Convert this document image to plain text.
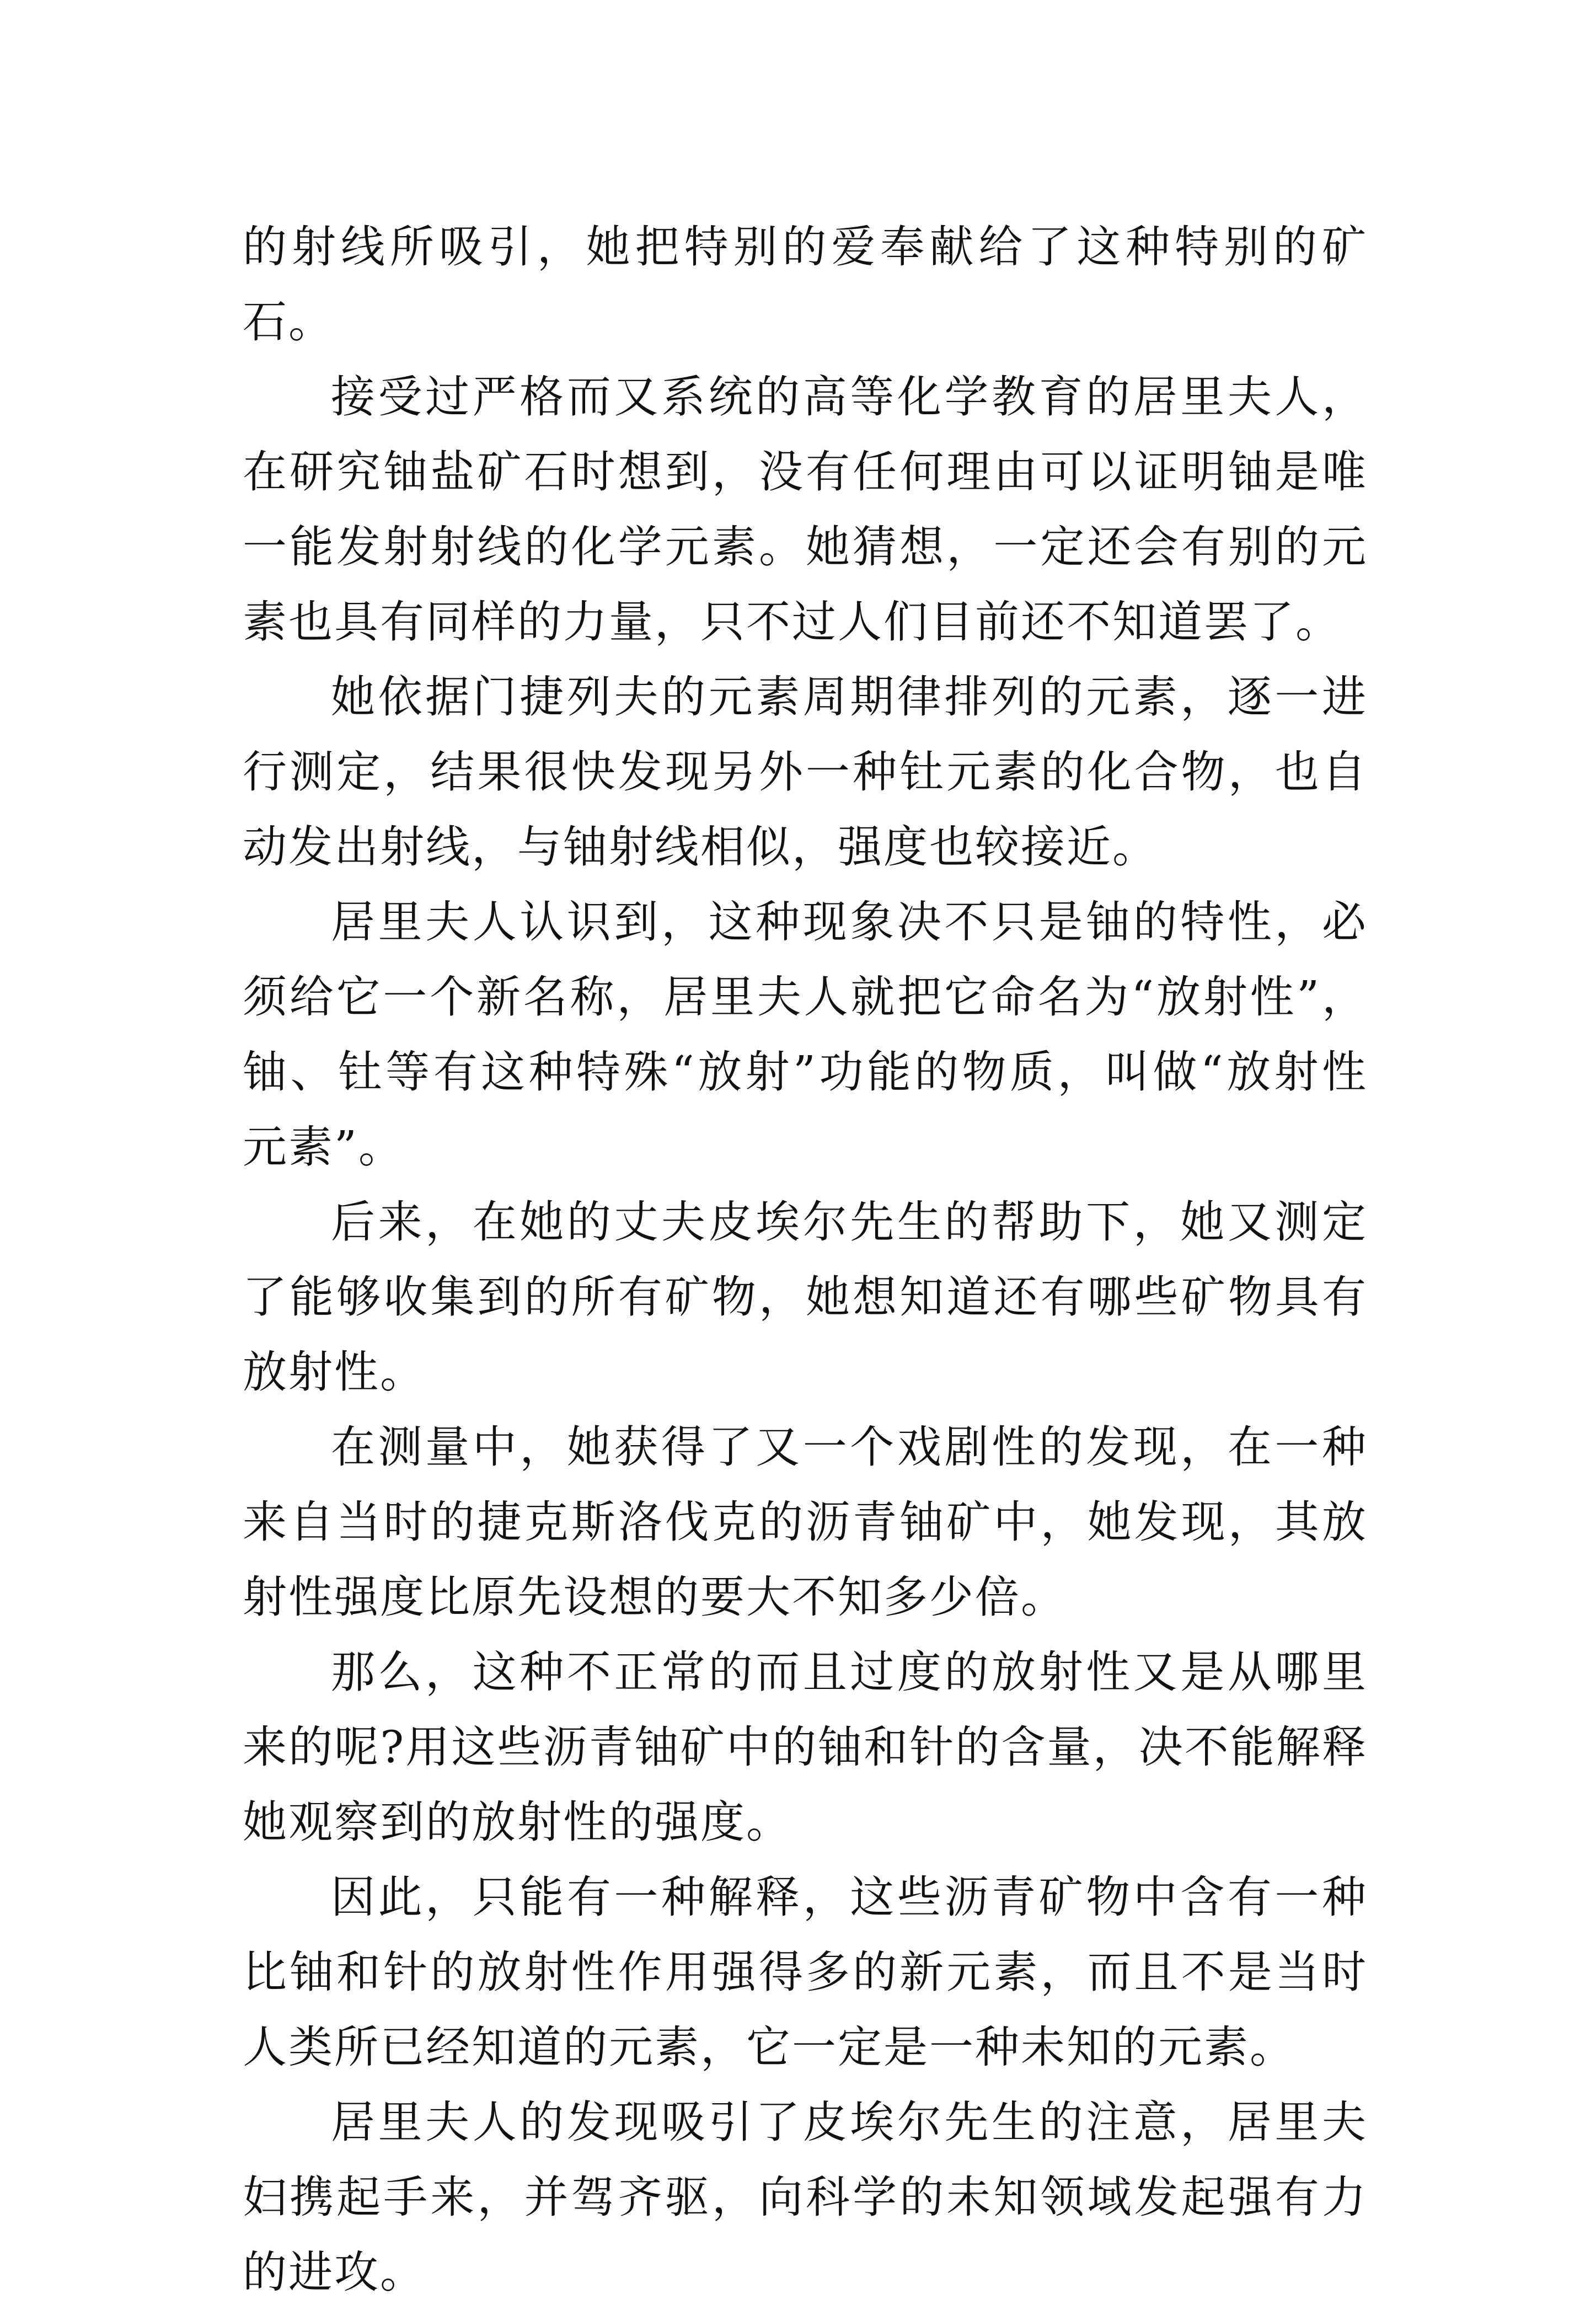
的射线所吸引，她把特别的爱奉献给了这种特别的矿石。

接受过严格而又系统的高等化学教育的居里夫人，在研究铀盐矿石时想到，没有任何理由可以证明铀是唯一能发射射线的化学元素。她猜想，一定还会有别的元素也具有同样的力量，只不过人们目前还不知道罢了。

她依据门捷列夫的元素周期律排列的元素，逐一进行测定，结果很快发现另外一种钍元素的化合物，也自动发出射线，与铀射线相似，强度也较接近。

居里夫人认识到，这种现象决不只是铀的特性，必须给它一个新名称，居里夫人就把它命名为“放射性”，铀、钍等有这种特殊“放射”功能的物质，叫做“放射性元素”。

后来，在她的丈夫皮埃尔先生的帮助下，她又测定了能够收集到的所有矿物，她想知道还有哪些矿物具有放射性。

在测量中，她获得了又一个戏剧性的发现，在一种来自当时的捷克斯洛伐克的沥青铀矿中，她发现，其放射性强度比原先设想的要大不知多少倍。

那么，这种不正常的而且过度的放射性又是从哪里来的呢?用这些沥青铀矿中的铀和针的含量，决不能解释她观察到的放射性的强度。

因此，只能有一种解释，这些沥青矿物中含有一种比铀和针的放射性作用强得多的新元素，而且不是当时人类所已经知道的元素，它一定是一种未知的元素。

居里夫人的发现吸引了皮埃尔先生的注意，居里夫妇携起手来，并驾齐驱，向科学的未知领域发起强有力的进攻。
